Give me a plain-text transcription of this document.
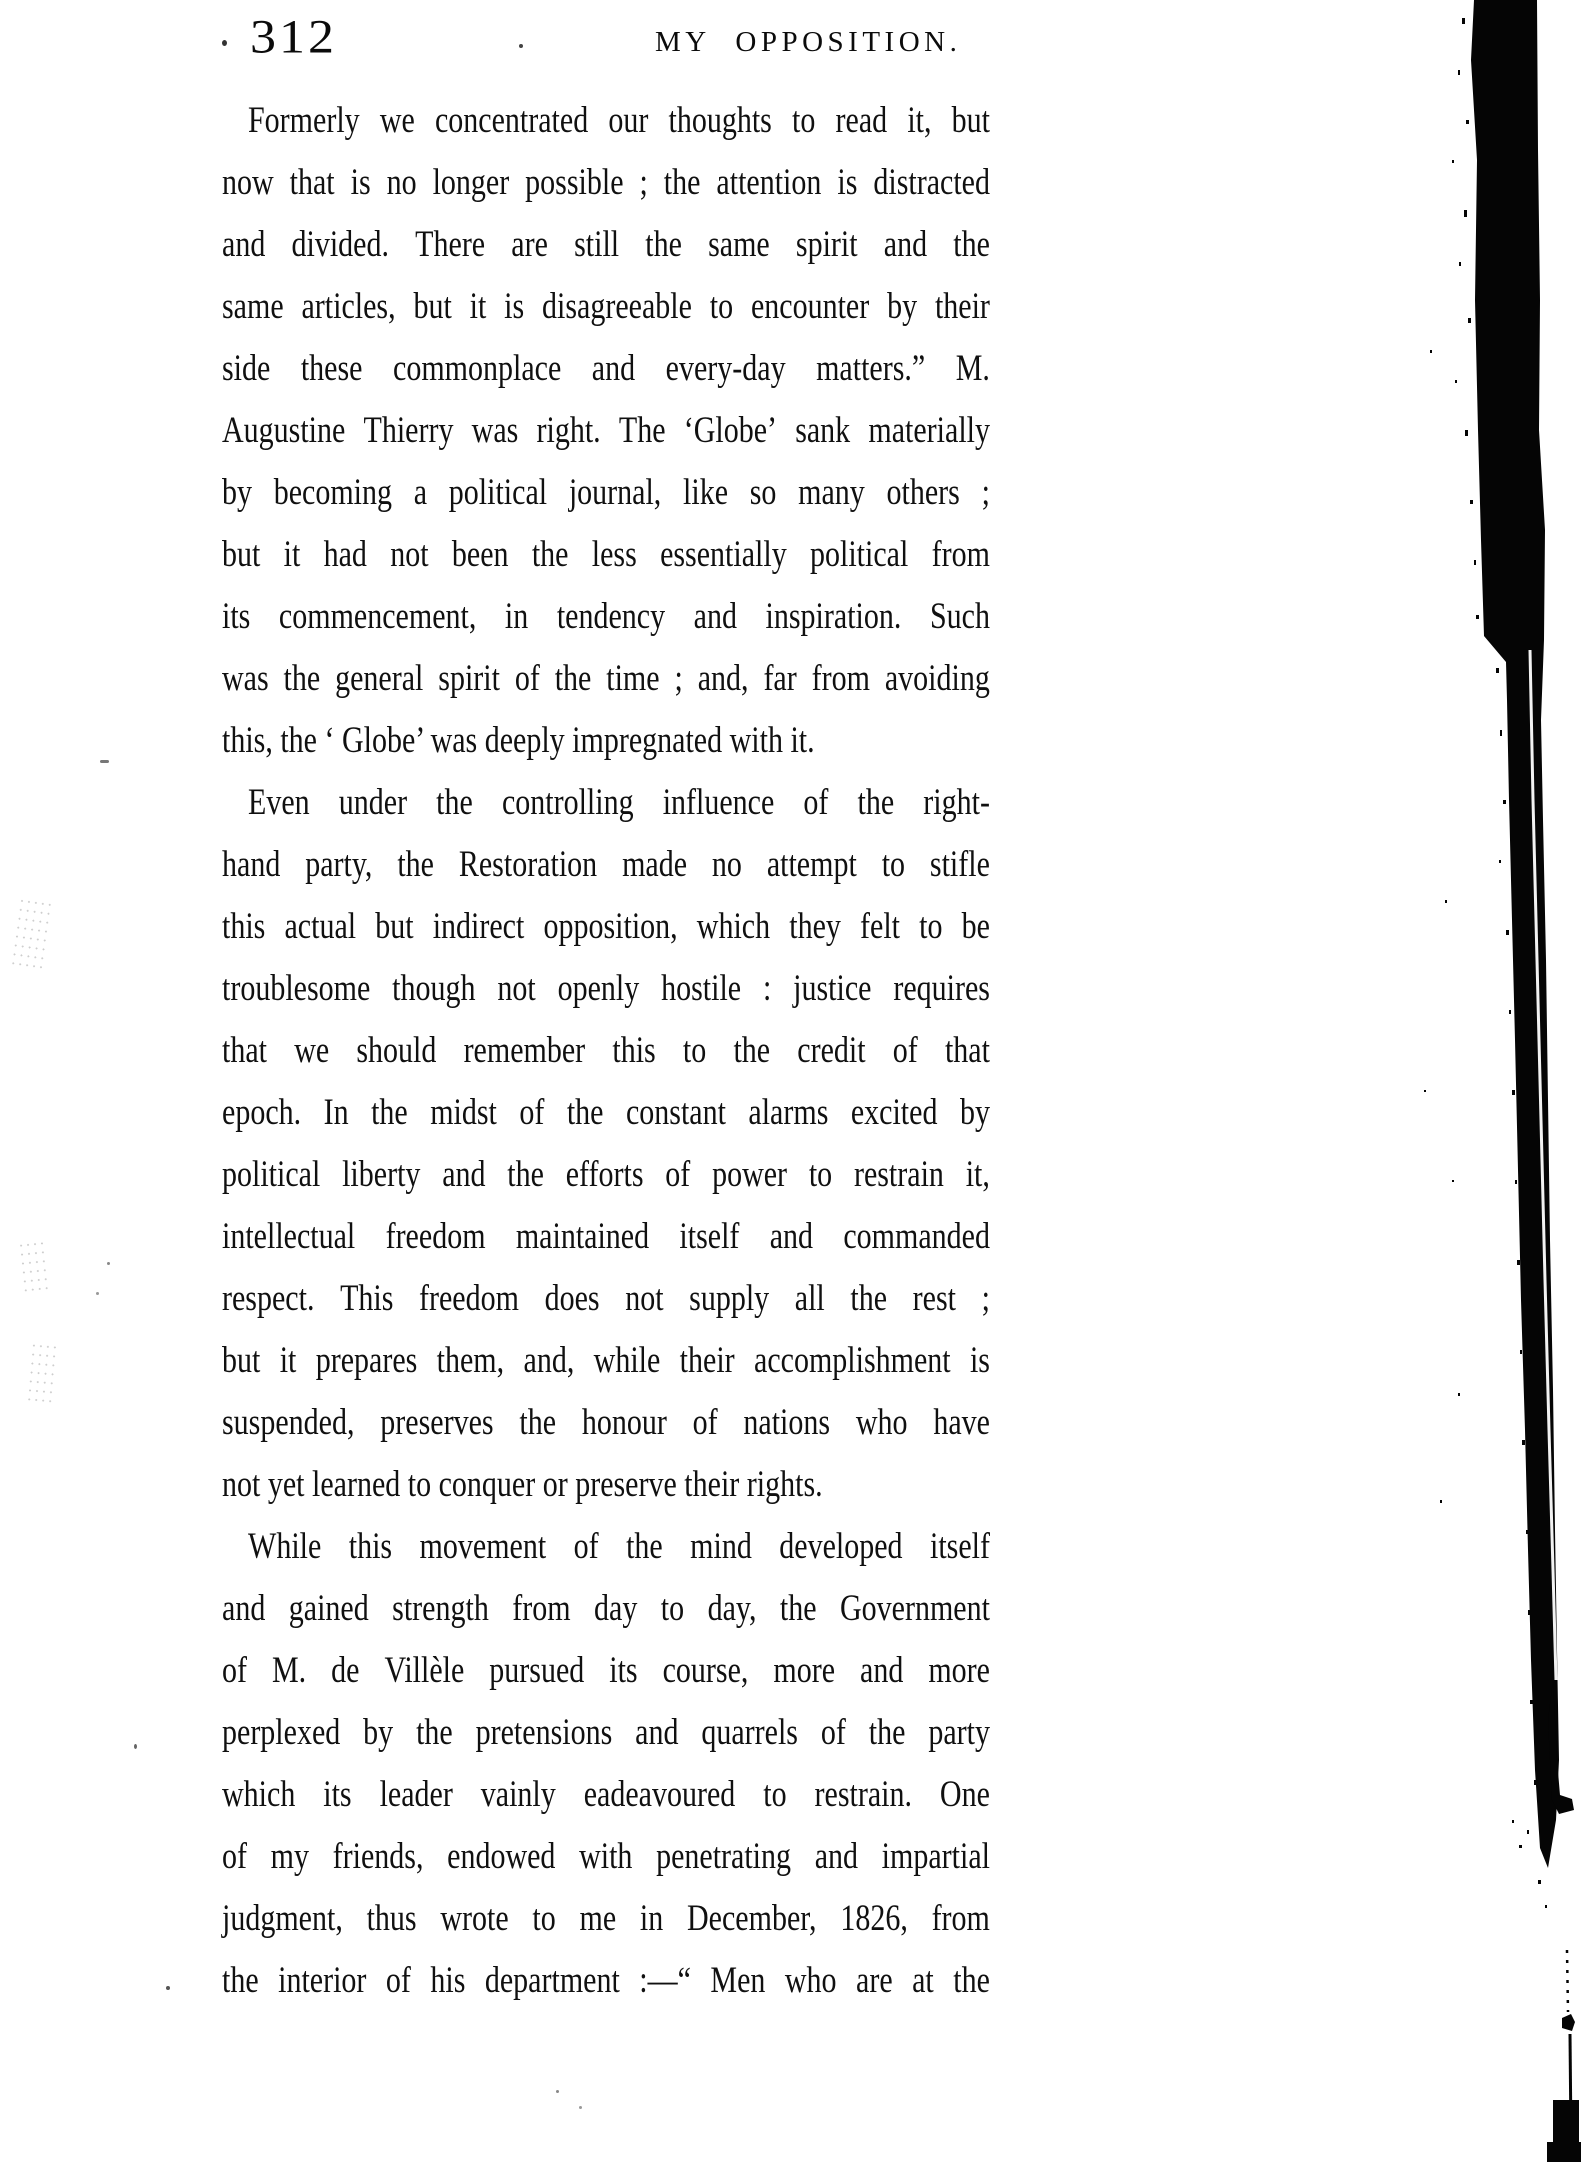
312	MY OPPOSITION.
Formerly we concentrated our thoughts to read it, but
now that is no longer possible ; the attention is distracted
and divided. There are still the same spirit and the
same articles, but it is disagreeable to encounter by their
side these commonplace and every-day matters.” M.
Augustine Thierry was right. The ‘Globe’ sank materially
by becoming a political journal, like so many others ;
but it had not been the less essentially political from
its commencement, in tendency and inspiration. Such
was the general spirit of the time ; and, far from avoiding
this, the ‘ Globe’ was deeply impregnated with it.
Even under the controlling influence of the right-
hand party, the Restoration made no attempt to stifle
this actual but indirect opposition, which they felt to be
troublesome though not openly hostile : justice requires
that we should remember this to the credit of that
epoch. In the midst of the constant alarms excited by
political liberty and the efforts of power to restrain it,
intellectual freedom maintained itself and commanded
respect. This freedom does not supply all the rest ;
but it prepares them, and, while their accomplishment is
suspended, preserves the honour of nations who have
not yet learned to conquer or preserve their rights.
While this movement of the mind developed itself
and gained strength from day to day, the Government
of M. de Villèle pursued its course, more and more
perplexed by the pretensions and quarrels of the party
which its leader vainly eadeavoured to restrain. One
of my friends, endowed with penetrating and impartial
judgment, thus wrote to me in December, 1826, from
the interior of his department :—“ Men who are at the
